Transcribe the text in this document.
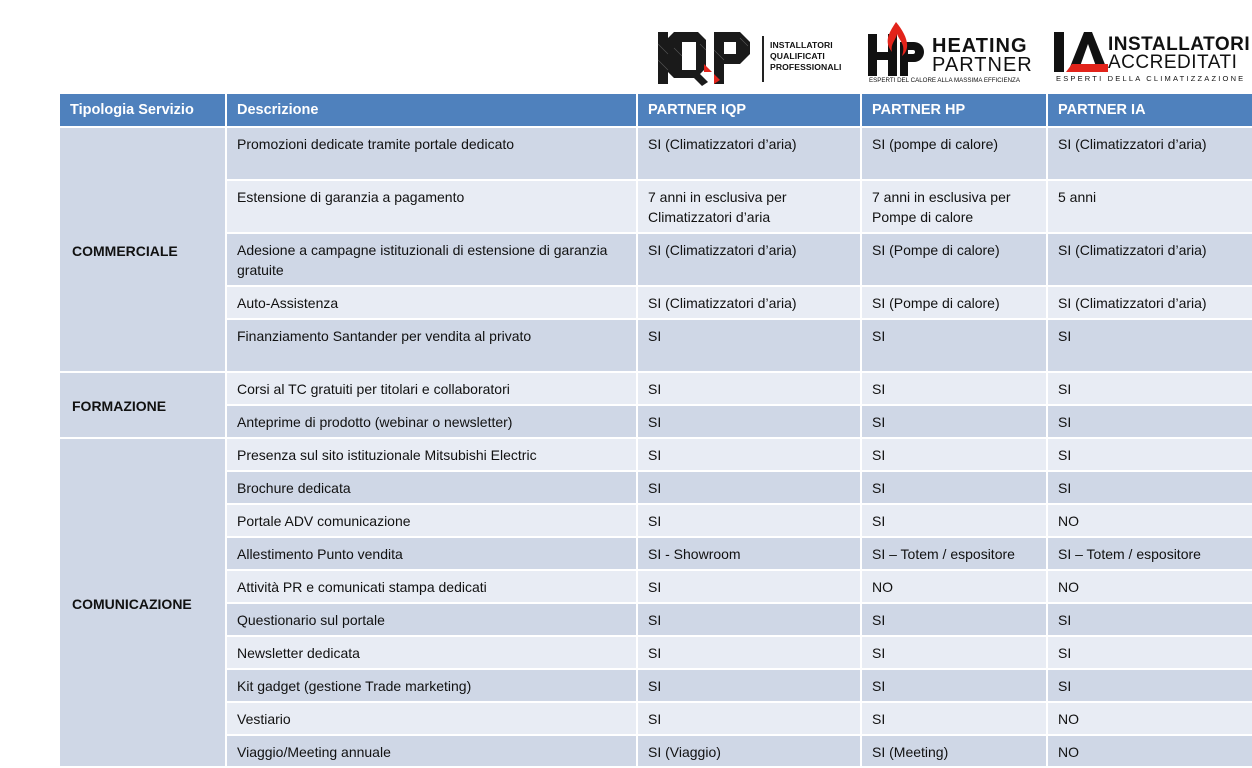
INSTALLATORI
QUALIFICATI
PROFESSIONALI
HEATING
PARTNER
ESPERTI DEL CALORE ALLA MASSIMA EFFICIENZA
INSTALLATORI
ACCREDITATI
ESPERTI DELLA CLIMATIZZAZIONE
Tipologia Servizio	Descrizione	PARTNER IQP	PARTNER HP	PARTNER IA
COMMERCIALE	Promozioni dedicate tramite portale dedicato	SI (Climatizzatori d’aria)	SI (pompe di calore)	SI (Climatizzatori d’aria)
	Estensione di garanzia a pagamento	7 anni in esclusiva per Climatizzatori d’aria	7 anni in esclusiva per Pompe di calore	5 anni
	Adesione a campagne istituzionali di estensione di garanzia gratuite	SI (Climatizzatori d’aria)	SI (Pompe di calore)	SI (Climatizzatori d’aria)
	Auto-Assistenza	SI (Climatizzatori d’aria)	SI (Pompe di calore)	SI (Climatizzatori d’aria)
	Finanziamento Santander per vendita al privato	SI	SI	SI
FORMAZIONE	Corsi al TC gratuiti per titolari e collaboratori	SI	SI	SI
	Anteprime di prodotto (webinar o newsletter)	SI	SI	SI
COMUNICAZIONE	Presenza sul sito istituzionale Mitsubishi Electric	SI	SI	SI
	Brochure dedicata	SI	SI	SI
	Portale ADV comunicazione	SI	SI	NO
	Allestimento Punto vendita	SI - Showroom	SI – Totem / espositore	SI – Totem / espositore
	Attività PR e comunicati stampa dedicati	SI	NO	NO
	Questionario sul portale	SI	SI	SI
	Newsletter dedicata	SI	SI	SI
	Kit gadget (gestione Trade marketing)	SI	SI	SI
	Vestiario	SI	SI	NO
	Viaggio/Meeting annuale	SI (Viaggio)	SI (Meeting)	NO
